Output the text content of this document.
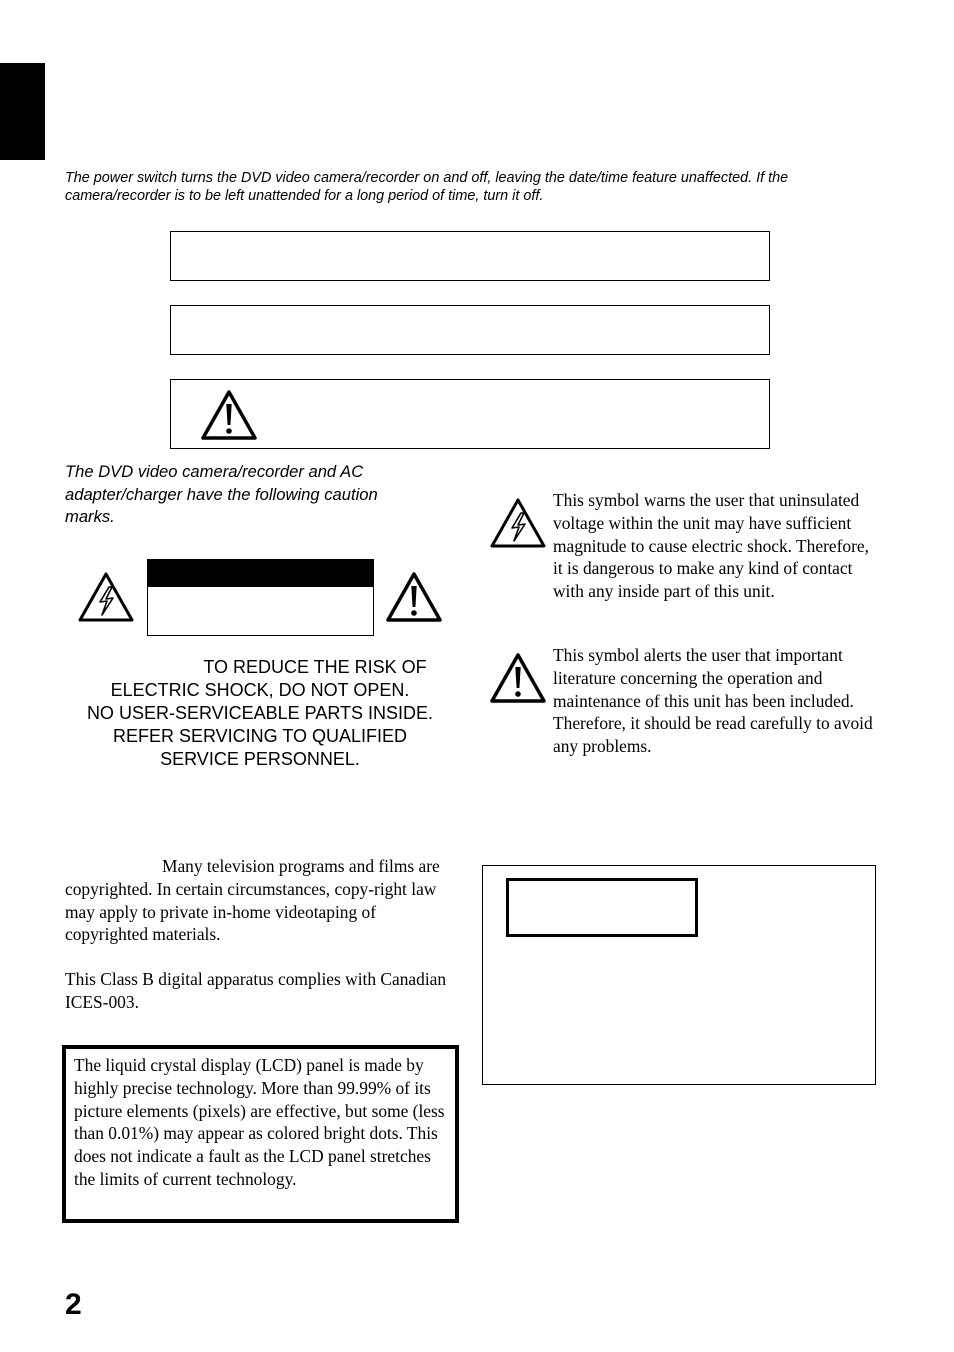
The power switch turns the DVD video camera/recorder on and off, leaving the date/time feature unaffected. If the camera/recorder is to be left unattended for a long period of time, turn it off.
The DVD video camera/recorder and AC adapter/charger have the following caution marks.

TO REDUCE THE RISK OF

ELECTRIC SHOCK, DO NOT OPEN.

NO USER-SERVICEABLE PARTS INSIDE.

REFER SERVICING TO QUALIFIED

SERVICE PERSONNEL.

This symbol warns the user that uninsulated voltage within the unit may have sufficient magnitude to cause electric shock. Therefore, it is dangerous to make any kind of contact with any inside part of this unit.
This symbol alerts the user that important literature concerning the operation and maintenance of this unit has been included. Therefore, it should be read carefully to avoid any problems.
Many television programs and films are copyrighted. In certain circumstances, copy-right law may apply to private in-home videotaping of copyrighted materials.
This Class B digital apparatus complies with Canadian ICES-003.
The liquid crystal display (LCD) panel is made by highly precise technology. More than 99.99% of its picture elements (pixels) are effective, but some (less than 0.01%) may appear as colored bright dots. This does not indicate a fault as the LCD panel stretches the limits of current technology.
2
